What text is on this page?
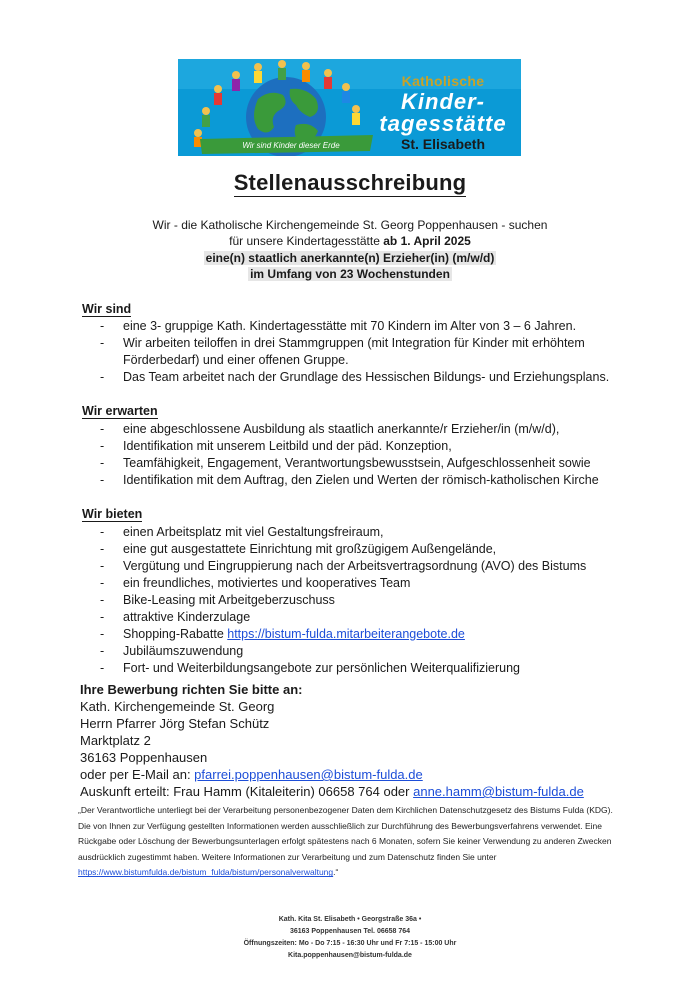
Katholische
Kinder-
tagesstätte
St. Elisabeth
Wir sind Kinder dieser Erde
Stellenausschreibung
Wir - die Katholische Kirchengemeinde St. Georg Poppenhausen - suchen
für unsere Kindertagesstätte ab 1. April 2025
eine(n) staatlich anerkannte(n) Erzieher(in) (m/w/d)
im Umfang von 23 Wochenstunden
Wir sind
- eine 3- gruppige Kath. Kindertagesstätte mit 70 Kindern im Alter von 3 – 6 Jahren.
- Wir arbeiten teiloffen in drei Stammgruppen (mit Integration für Kinder mit erhöhtem Förderbedarf) und einer offenen Gruppe.
- Das Team arbeitet nach der Grundlage des Hessischen Bildungs- und Erziehungsplans.
Wir erwarten
- eine abgeschlossene Ausbildung als staatlich anerkannte/r Erzieher/in (m/w/d),
- Identifikation mit unserem Leitbild und der päd. Konzeption,
- Teamfähigkeit, Engagement, Verantwortungsbewusstsein, Aufgeschlossenheit sowie
- Identifikation mit dem Auftrag, den Zielen und Werten der römisch-katholischen Kirche
Wir bieten
- einen Arbeitsplatz mit viel Gestaltungsfreiraum,
- eine gut ausgestattete Einrichtung mit großzügigem Außengelände,
- Vergütung und Eingruppierung nach der Arbeitsvertragsordnung (AVO) des Bistums
- ein freundliches, motiviertes und kooperatives Team
- Bike-Leasing mit Arbeitgeberzuschuss
- attraktive Kinderzulage
- Shopping-Rabatte https://bistum-fulda.mitarbeiterangebote.de
- Jubiläumszuwendung
- Fort- und Weiterbildungsangebote zur persönlichen Weiterqualifizierung
Ihre Bewerbung richten Sie bitte an:
Kath. Kirchengemeinde St. Georg
Herrn Pfarrer Jörg Stefan Schütz
Marktplatz 2
36163 Poppenhausen
oder per E-Mail an: pfarrei.poppenhausen@bistum-fulda.de
Auskunft erteilt: Frau Hamm (Kitaleiterin) 06658 764 oder anne.hamm@bistum-fulda.de
„Der Verantwortliche unterliegt bei der Verarbeitung personenbezogener Daten dem Kirchlichen Datenschutzgesetz des Bistums Fulda (KDG). Die von Ihnen zur Verfügung gestellten Informationen werden ausschließlich zur Durchführung des Bewerbungsverfahrens verwendet. Eine Rückgabe oder Löschung der Bewerbungsunterlagen erfolgt spätestens nach 6 Monaten, sofern Sie keiner Verwendung zu anderen Zwecken ausdrücklich zugestimmt haben. Weitere Informationen zur Verarbeitung und zum Datenschutz finden Sie unter https://www.bistumfulda.de/bistum_fulda/bistum/personalverwaltung.“
Kath. Kita St. Elisabeth • Georgstraße 36a •
36163 Poppenhausen Tel. 06658 764
Öffnungszeiten: Mo - Do 7:15 - 16:30 Uhr und Fr 7:15 - 15:00 Uhr
Kita.poppenhausen@bistum-fulda.de
